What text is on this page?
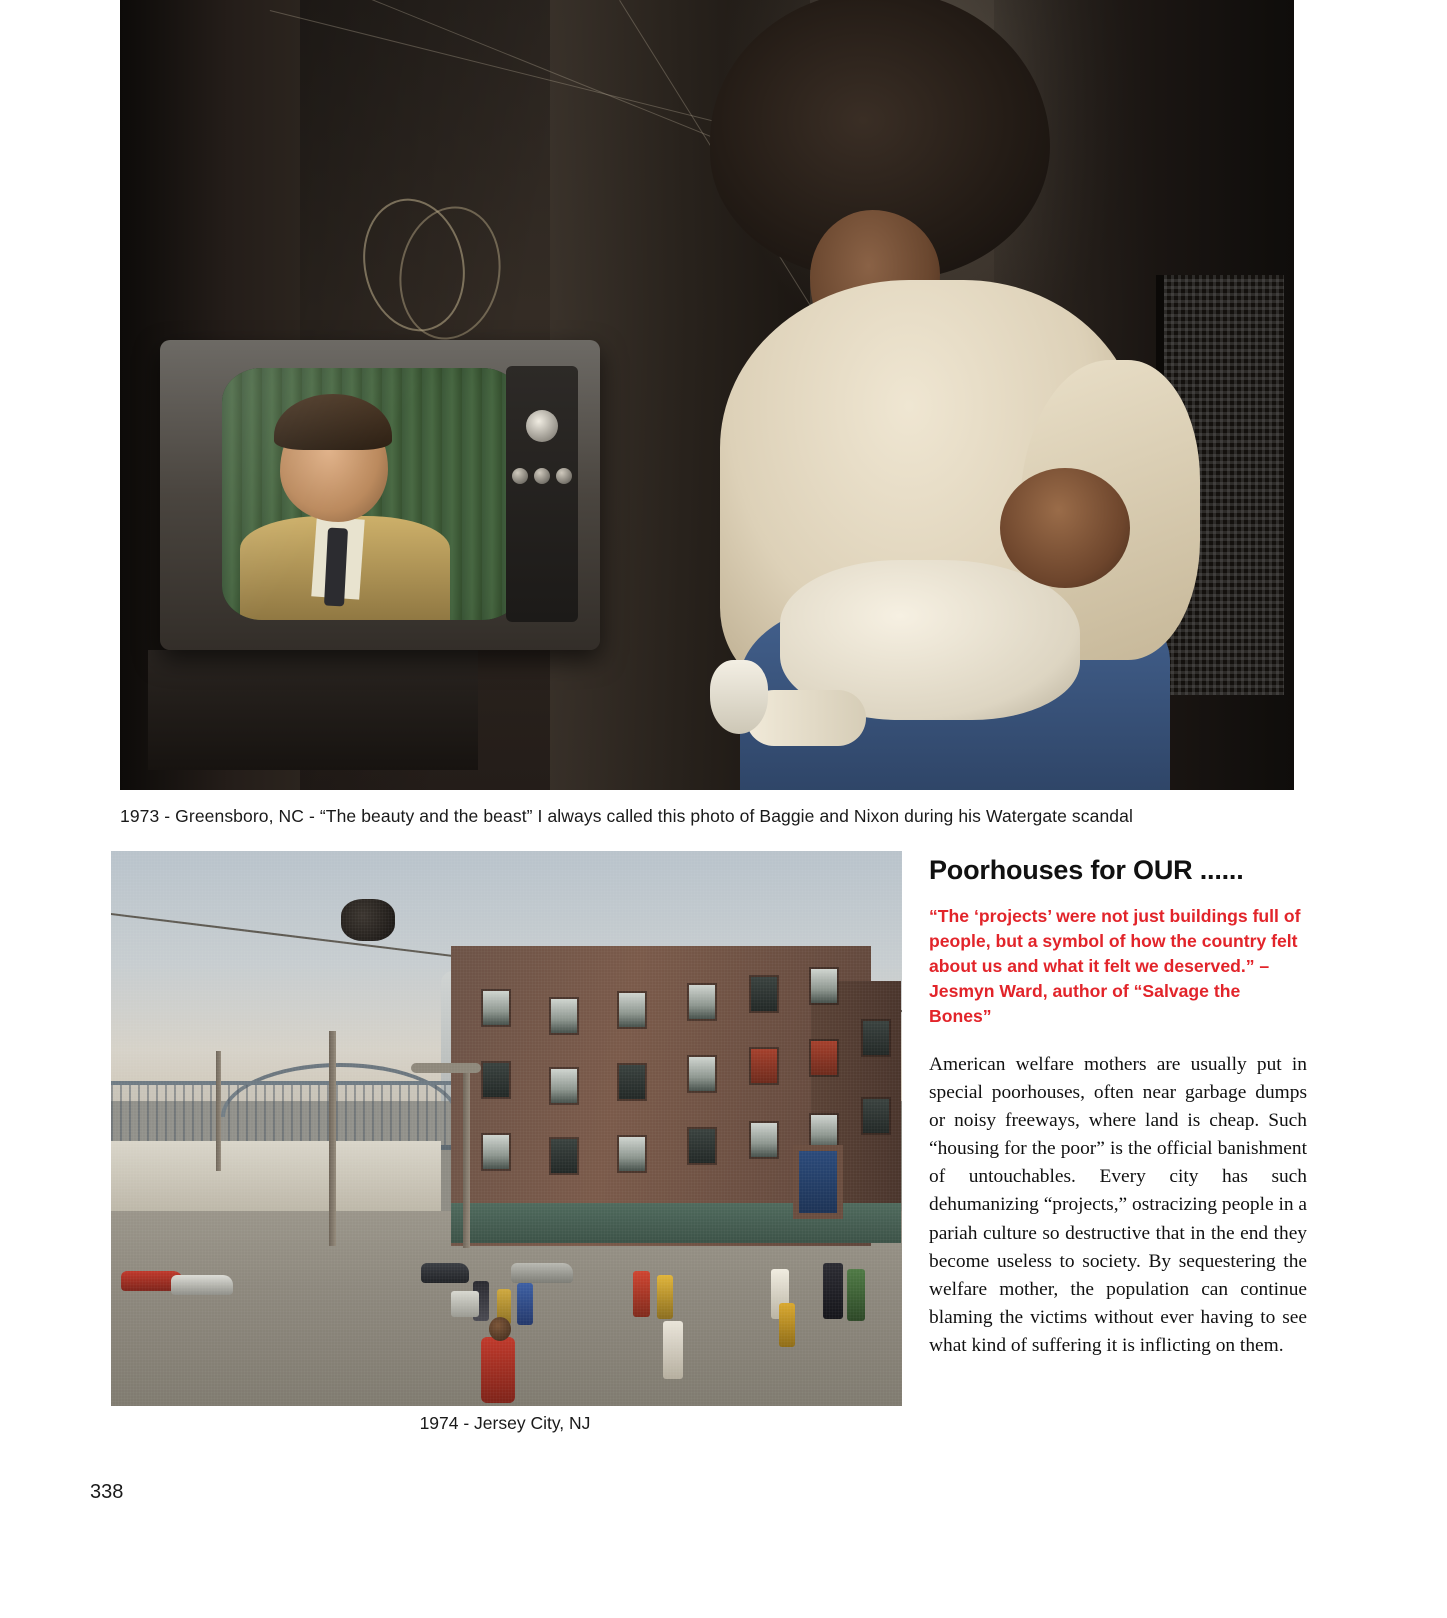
1973 - Greensboro, NC - “The beauty and the beast” I always called this photo of Baggie and Nixon during his Watergate scandal
1974 - Jersey City, NJ
Poorhouses for OUR ......

“The ‘projects’ were not just buildings full of people, but a symbol of how the country felt about us and what it felt we deserved.” – Jesmyn Ward, author of “Salvage the Bones”

American welfare mothers are usually put in special poorhouses, often near garbage dumps or noisy freeways, where land is cheap. Such “housing for the poor” is the official banishment of untouchables. Every city has such dehumanizing “projects,” ostracizing people in a pariah culture so destructive that in the end they become useless to society. By sequestering the welfare mother, the population can continue blaming the victims without ever having to see what kind of suffering it is inflicting on them.

338
